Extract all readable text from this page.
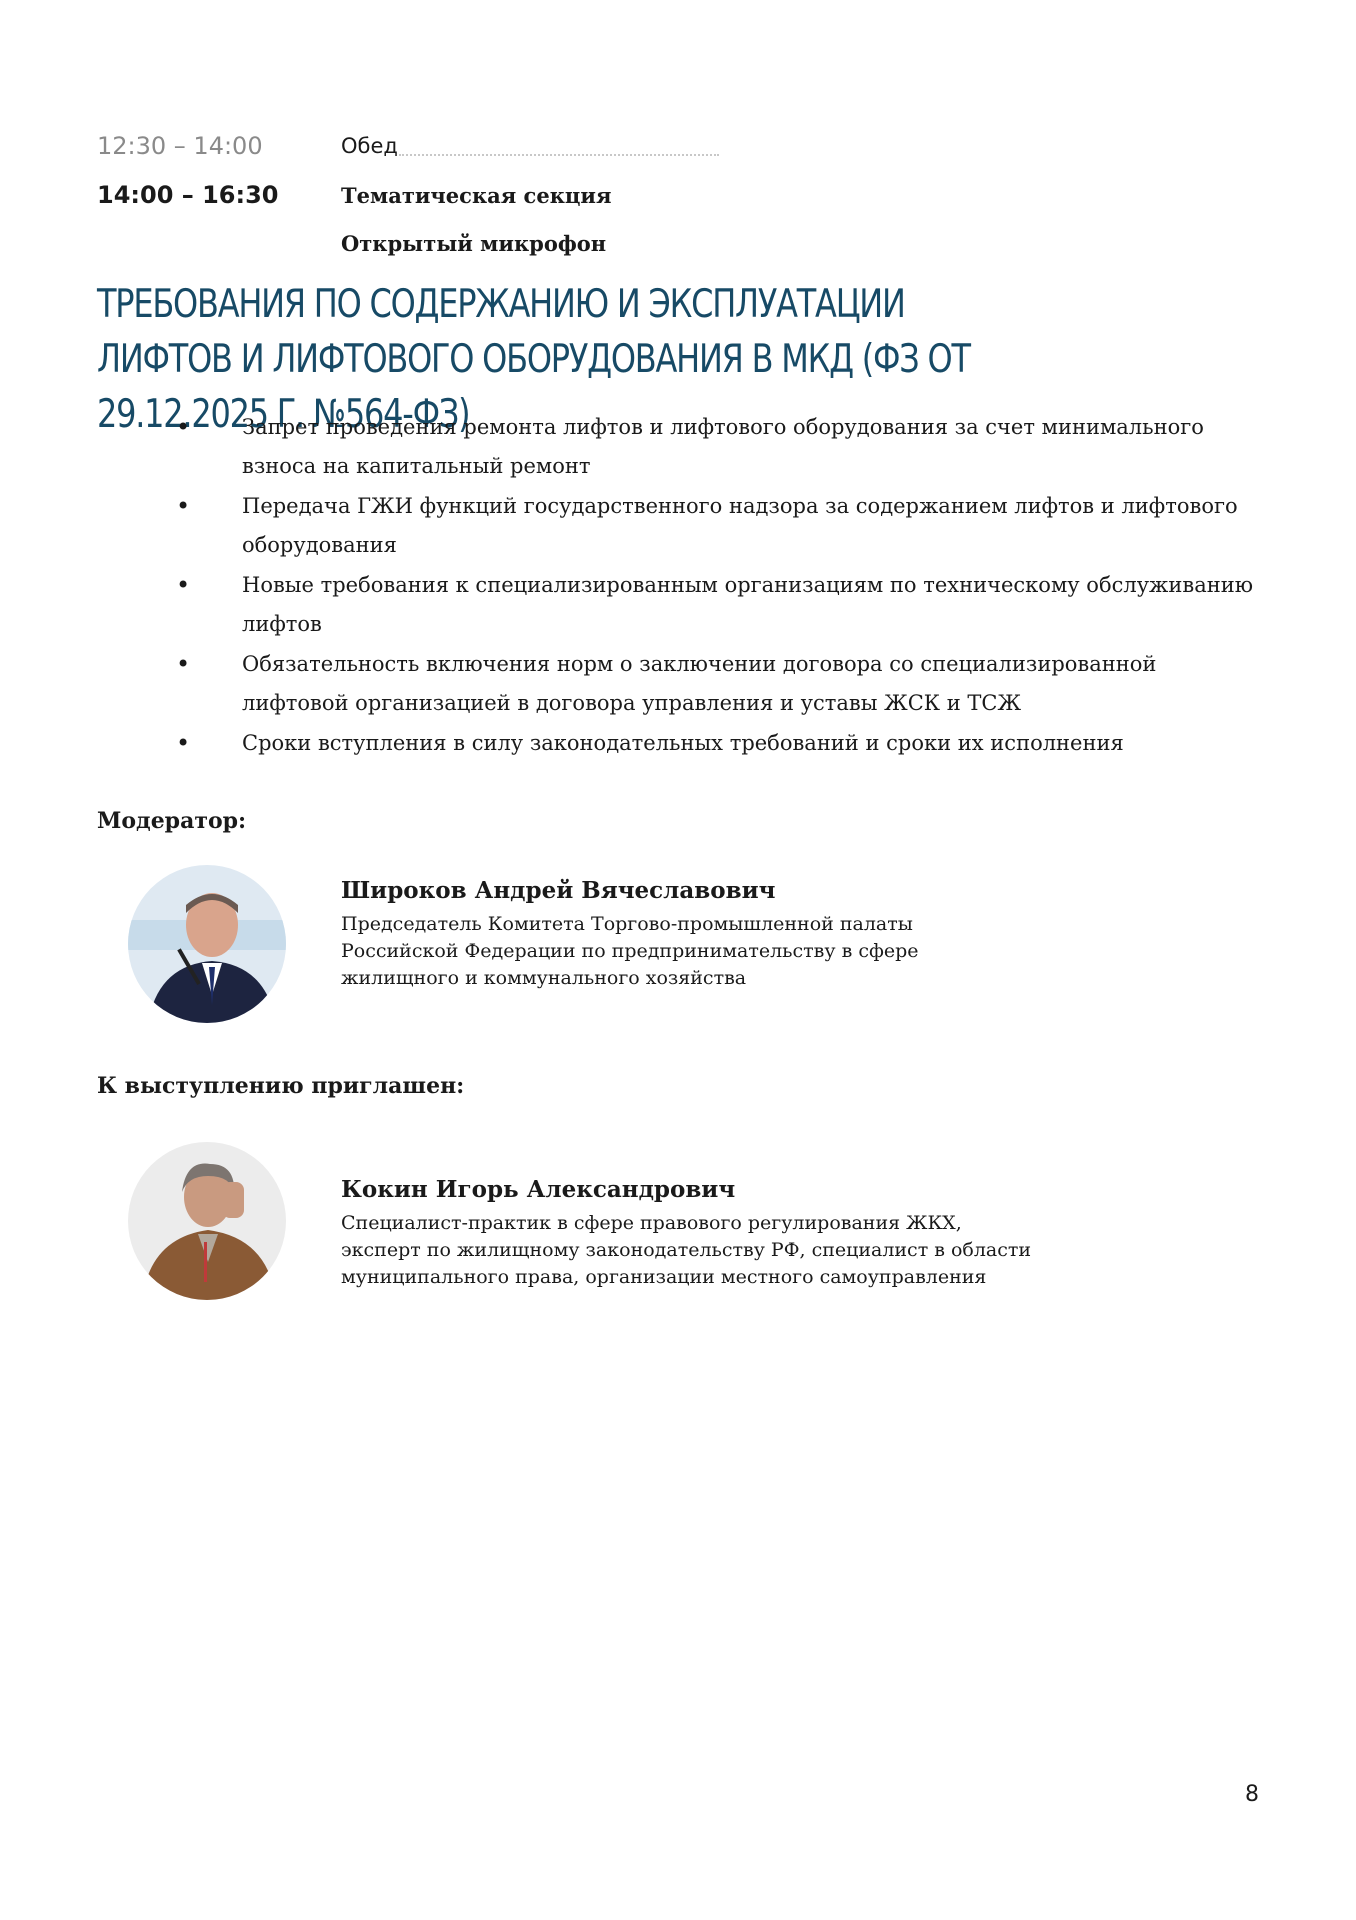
12:30 – 14:00	Обед
14:00 – 16:30	Тематическая секция
Открытый микрофон
ТРЕБОВАНИЯ ПО СОДЕРЖАНИЮ И ЭКСПЛУАТАЦИИ ЛИФТОВ И ЛИФТОВОГО ОБОРУДОВАНИЯ В МКД (ФЗ ОТ 29.12.2025 Г. №564-ФЗ)
• Запрет проведения ремонта лифтов и лифтового оборудования за счет минимального взноса на капитальный ремонт
• Передача ГЖИ функций государственного надзора за содержанием лифтов и лифтового оборудования
• Новые требования к специализированным организациям по техническому обслуживанию лифтов
• Обязательность включения норм о заключении договора со специализированной лифтовой организацией в договора управления и уставы ЖСК и ТСЖ
• Сроки вступления в силу законодательных требований и сроки их исполнения
Модератор:
Широков Андрей Вячеславович
Председатель Комитета Торгово-промышленной палаты
Российской Федерации по предпринимательству в сфере
жилищного и коммунального хозяйства
К выступлению приглашен:
Кокин Игорь Александрович
Специалист-практик в сфере правового регулирования ЖКХ,
эксперт по жилищному законодательству РФ, специалист в области
муниципального права, организации местного самоуправления
8
